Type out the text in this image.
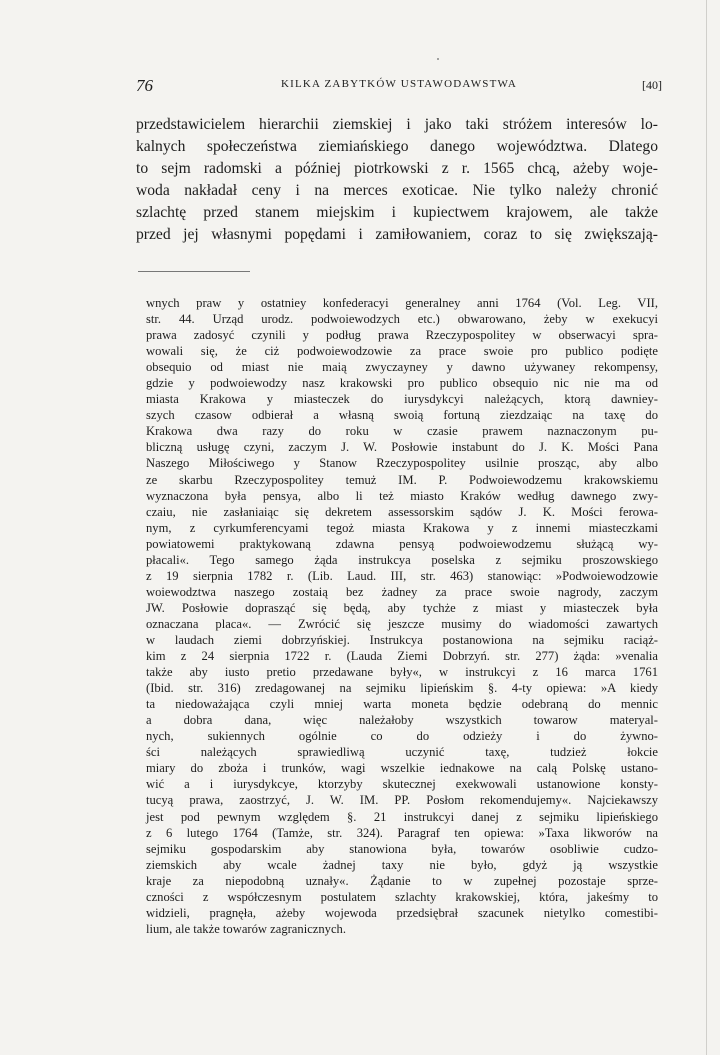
76	KILKA ZABYTKÓW USTAWODAWSTWA	[40]
przedstawicielem hierarchii ziemskiej i jako taki stróżem interesów lo-
kalnych społeczeństwa ziemiańskiego danego województwa. Dlatego
to sejm radomski a później piotrkowski z r. 1565 chcą, ażeby woje-
woda nakładał ceny i na merces exoticae. Nie tylko należy chronić
szlachtę przed stanem miejskim i kupiectwem krajowem, ale także
przed jej własnymi popędami i zamiłowaniem, coraz to się zwiększają-
wnych praw y ostatniey konfederacyi generalney anni 1764 (Vol. Leg. VII,
str. 44. Urząd urodz. podwoiewodzych etc.) obwarowano, żeby w exekucyi
prawa zadosyć czynili y podług prawa Rzeczypospolitey w obserwacyi spra-
wowali się, że ciż podwoiewodzowie za prace swoie pro publico podięte
obsequio od miast nie maią zwyczayney y dawno używaney rekompensy,
gdzie y podwoiewodzy nasz krakowski pro publico obsequio nic nie ma od
miasta Krakowa y miasteczek do iurysdykcyi należących, ktorą dawniey-
szych czasow odbierał a własną swoią fortuną ziezdzaiąc na taxę do
Krakowa dwa razy do roku w czasie prawem naznaczonym pu-
bliczną usługę czyni, zaczym J. W. Posłowie instabunt do J. K. Mości Pana
Naszego Miłościwego y Stanow Rzeczypospolitey usilnie prosząc, aby albo
ze skarbu Rzeczypospolitey temuż IM. P. Podwoiewodzemu krakowskiemu
wyznaczona była pensya, albo li też miasto Kraków według dawnego zwy-
czaiu, nie zasłaniaiąc się dekretem assessorskim sądów J. K. Mości ferowa-
nym, z cyrkumferencyami tegoż miasta Krakowa y z innemi miasteczkami
powiatowemi praktykowaną zdawna pensyą podwoiewodzemu służącą wy-
płacali«. Tego samego żąda instrukcya poselska z sejmiku proszowskiego
z 19 sierpnia 1782 r. (Lib. Laud. III, str. 463) stanowiąc: »Podwoiewodzowie
woiewodztwa naszego zostaią bez żadney za prace swoie nagrody, zaczym
JW. Posłowie doprasząć się będą, aby tychże z miast y miasteczek była
oznaczana placa«. — Zwrócić się jeszcze musimy do wiadomości zawartych
w laudach ziemi dobrzyńskiej. Instrukcya postanowiona na sejmiku raciąż-
kim z 24 sierpnia 1722 r. (Lauda Ziemi Dobrzyń. str. 277) żąda: »venalia
także aby iusto pretio przedawane były«, w instrukcyi z 16 marca 1761
(Ibid. str. 316) zredagowanej na sejmiku lipieńskim §. 4-ty opiewa: »A kiedy
ta niedoważająca czyli mniej warta moneta będzie odebraną do mennic
a dobra dana, więc należałoby wszystkich towarow materyal-
nych, sukiennych ogólnie co do odzieży i do żywno-
ści należących sprawiedliwą uczynić taxę, tudzież łokcie
miary do zboża i trunków, wagi wszelkie iednakowe na calą Polskę ustano-
wić a i iurysdykcye, ktorzyby skutecznej exekwowali ustanowione konsty-
tucyą prawa, zaostrzyć, J. W. IM. PP. Posłom rekomendujemy«. Najciekawszy
jest pod pewnym względem §. 21 instrukcyi danej z sejmiku lipieńskiego
z 6 lutego 1764 (Tamże, str. 324). Paragraf ten opiewa: »Taxa likworów na
sejmiku gospodarskim aby stanowiona była, towarów osobliwie cudzo-
ziemskich aby wcale żadnej taxy nie było, gdyż ją wszystkie
kraje za niepodobną uznały«. Żądanie to w zupełnej pozostaje sprze-
czności z współczesnym postulatem szlachty krakowskiej, która, jakeśmy to
widzieli, pragnęła, ażeby wojewoda przedsiębrał szacunek nietylko comestibi-
lium, ale także towarów zagranicznych.
